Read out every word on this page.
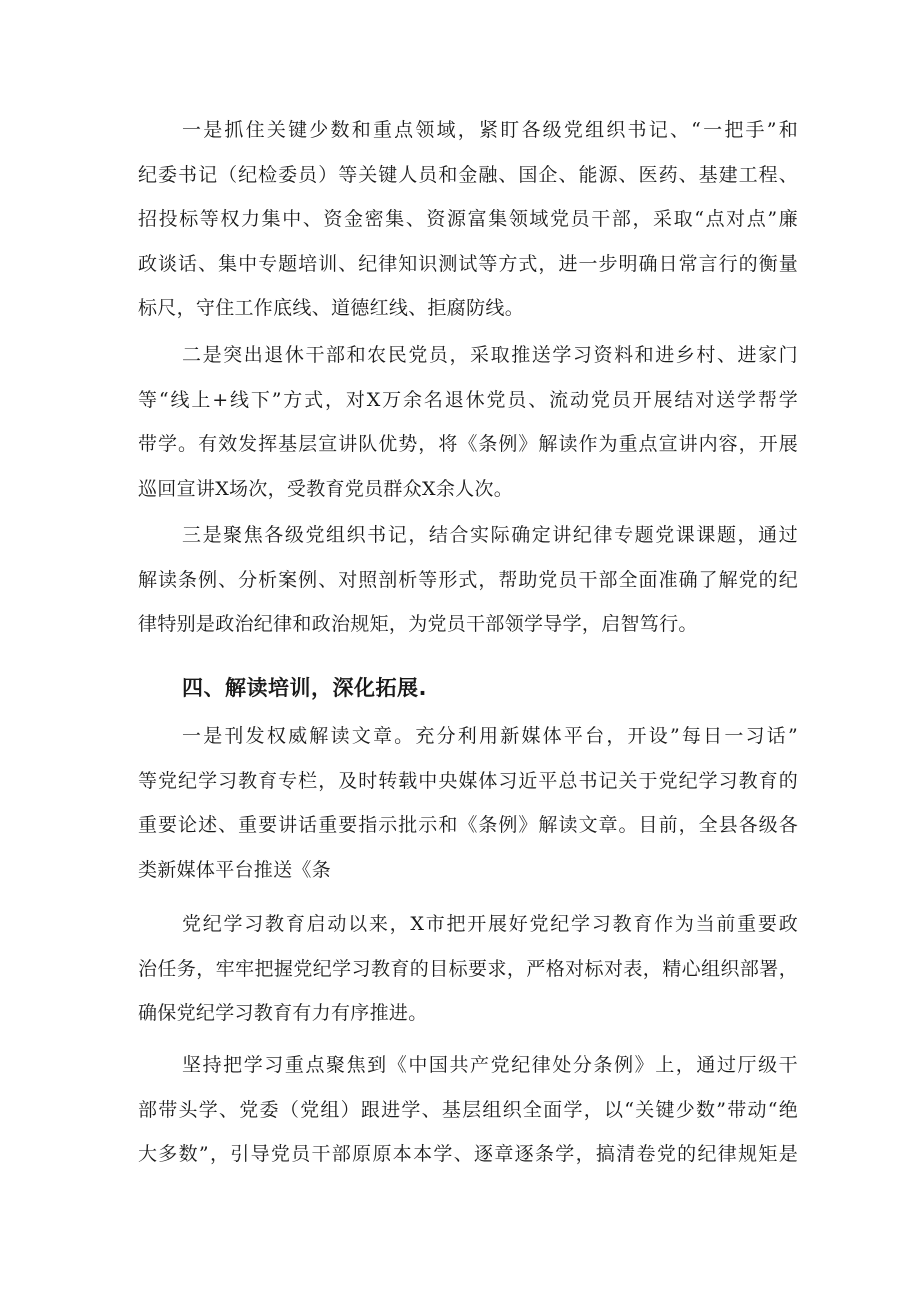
一是抓住关键少数和重点领域，紧盯各级党组织书记、“一把手”和
纪委书记（纪检委员）等关键人员和金融、国企、能源、医药、基建工程、
招投标等权力集中、资金密集、资源富集领域党员干部，采取“点对点”廉
政谈话、集中专题培训、纪律知识测试等方式，进一步明确日常言行的衡量
标尺，守住工作底线、道德红线、拒腐防线。

二是突出退休干部和农民党员，采取推送学习资料和进乡村、进家门
等“线上+线下”方式，对X万余名退休党员、流动党员开展结对送学帮学
带学。有效发挥基层宣讲队优势，将《条例》解读作为重点宣讲内容，开展
巡回宣讲X场次，受教育党员群众X余人次。

三是聚焦各级党组织书记，结合实际确定讲纪律专题党课课题，通过
解读条例、分析案例、对照剖析等形式，帮助党员干部全面准确了解党的纪
律特别是政治纪律和政治规矩，为党员干部领学导学，启智笃行。

四、解读培训，深化拓展.

一是刊发权威解读文章。充分利用新媒体平台，开设”每日一习话”
等党纪学习教育专栏，及时转载中央媒体习近平总书记关于党纪学习教育的
重要论述、重要讲话重要指示批示和《条例》解读文章。目前，全县各级各
类新媒体平台推送《条

党纪学习教育启动以来，X市把开展好党纪学习教育作为当前重要政
治任务，牢牢把握党纪学习教育的目标要求，严格对标对表，精心组织部署，
确保党纪学习教育有力有序推进。

坚持把学习重点聚焦到《中国共产党纪律处分条例》上，通过厅级干
部带头学、党委（党组）跟进学、基层组织全面学，以“关键少数”带动“绝
大多数”，引导党员干部原原本本学、逐章逐条学，搞清卷党的纪律规矩是
